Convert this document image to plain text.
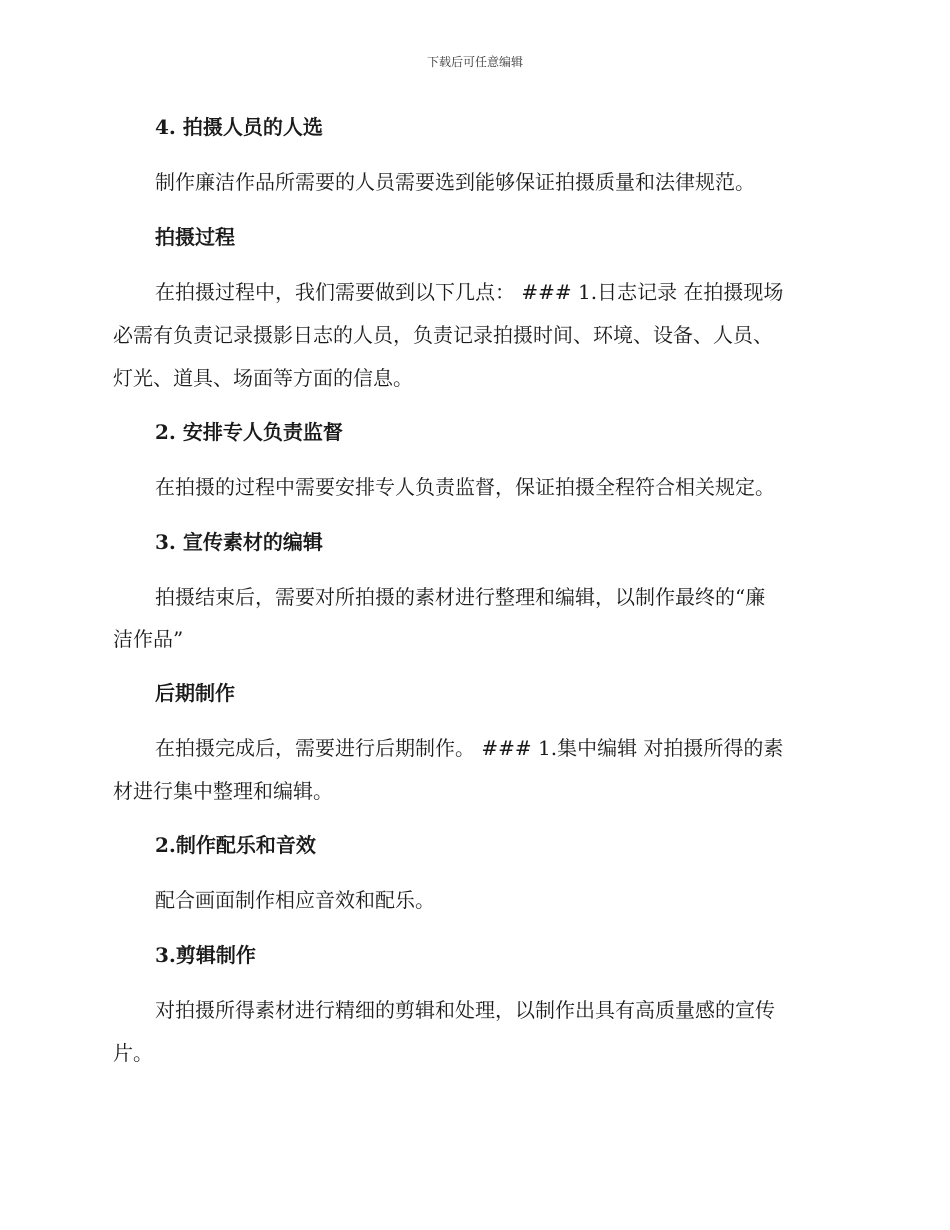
下载后可任意编辑
4. 拍摄人员的人选
制作廉洁作品所需要的人员需要选到能够保证拍摄质量和法律规范。
拍摄过程
在拍摄过程中，我们需要做到以下几点： ### 1.日志记录 在拍摄现场
必需有负责记录摄影日志的人员，负责记录拍摄时间、环境、设备、人员、
灯光、道具、场面等方面的信息。
2. 安排专人负责监督
在拍摄的过程中需要安排专人负责监督，保证拍摄全程符合相关规定。
3. 宣传素材的编辑
拍摄结束后，需要对所拍摄的素材进行整理和编辑，以制作最终的“廉
洁作品”
后期制作
在拍摄完成后，需要进行后期制作。 ### 1.集中编辑 对拍摄所得的素
材进行集中整理和编辑。
2.制作配乐和音效
配合画面制作相应音效和配乐。
3.剪辑制作
对拍摄所得素材进行精细的剪辑和处理，以制作出具有高质量感的宣传
片。
